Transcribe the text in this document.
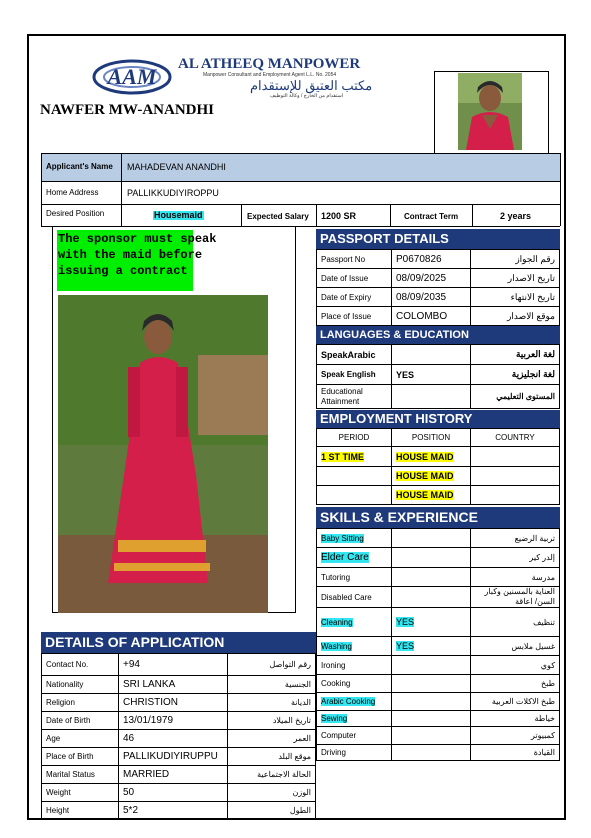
AAM AL ATHEEQ MANPOWER
Manpower Consultant and Employment Agent L.L. No. 2054
مكتب العتيق للإستقدام
استقدام من الخارج / وكالة التوظيف
NAWFER MW-ANANDHI
Applicant's Name MAHADEVAN ANANDHI
Home Address	PALLIKKUDIYIROPPU
Desired Position	Housemaid	Expected Salary 1200 SR	Contract Term	2 years
The sponsor must speak with the maid before issuing a contract
PASSPORT DETAILS
Passport No	P0670826	رقم الجواز
Date of Issue	08/09/2025	تاريخ الاصدار
Date of Expiry	08/09/2035	تاريخ الانتهاء
Place of Issue	COLOMBO	موقع الاصدار
LANGUAGES & EDUCATION
SpeakArabic		لغة العربية
Speak English	YES	لغة انجليزية
Educational Attainment		المستوى التعليمي
EMPLOYMENT HISTORY
PERIOD	POSITION	COUNTRY
1 ST TIME	HOUSE MAID	
	HOUSE MAID	
	HOUSE MAID	
SKILLS & EXPERIENCE
Baby Sitting		تربية الرضيع
Elder Care		إلدر كير
Tutoring		مدرسة
Disabled Care		العناية بالمسنين وكبار السن/ اعاقة
Cleaning	YES	تنظيف
Washing	YES	غسيل ملابس
Ironing		كوي
Cooking		طبخ
Arabic Cooking		طبخ الاكلات العربية
Sewing		خياطة
Computer		كمبيوتر
Driving		القيادة
DETAILS OF APPLICATION
Contact No.	+94	رقم التواصل
Nationality	SRI LANKA	الجنسية
Religion	CHRISTION	الديانة
Date of Birth	13/01/1979	تاريخ الميلاد
Age	46	العمر
Place of Birth	PALLIKUDIYIRUPPU	موقع البلد
Marital Status	MARRIED	الحالة الاجتماعية
Weight	50	الوزن
Height	5*2	الطول
